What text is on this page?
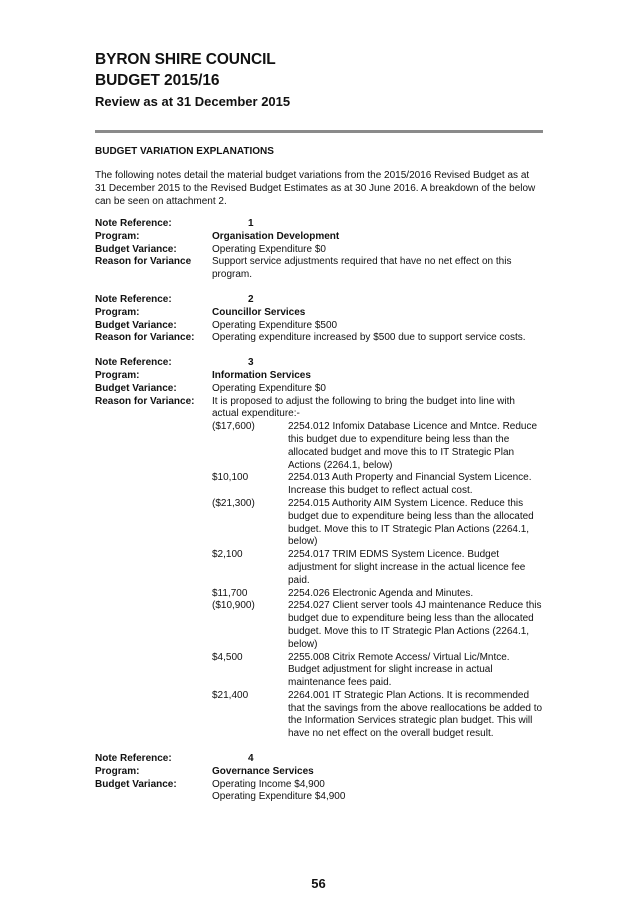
BYRON SHIRE COUNCIL
BUDGET 2015/16
Review as at 31 December 2015
BUDGET VARIATION EXPLANATIONS
The following notes detail the material budget variations from the 2015/2016 Revised Budget as at 31 December 2015 to the Revised Budget Estimates as at 30 June 2016. A breakdown of the below can be seen on attachment 2.
Note Reference:	1
Program:	Organisation Development
Budget Variance:	Operating Expenditure $0
Reason for Variance	Support service adjustments required that have no net effect on this program.
Note Reference:	2
Program:	Councillor Services
Budget Variance:	Operating Expenditure $500
Reason for Variance:	Operating expenditure increased by $500 due to support service costs.
Note Reference:	3
Program:	Information Services
Budget Variance:	Operating Expenditure $0
Reason for Variance:	It is proposed to adjust the following to bring the budget into line with actual expenditure:-
($17,600)	2254.012 Infomix Database Licence and Mntce. Reduce this budget due to expenditure being less than the allocated budget and move this to IT Strategic Plan Actions (2264.1, below)
$10,100	2254.013 Auth Property and Financial System Licence. Increase this budget to reflect actual cost.
($21,300)	2254.015 Authority AIM System Licence. Reduce this budget due to expenditure being less than the allocated budget. Move this to IT Strategic Plan Actions (2264.1, below)
$2,100	2254.017 TRIM EDMS System Licence. Budget adjustment for slight increase in the actual licence fee paid.
$11,700	2254.026 Electronic Agenda and Minutes.
($10,900)	2254.027 Client server tools 4J maintenance Reduce this budget due to expenditure being less than the allocated budget. Move this to IT Strategic Plan Actions (2264.1, below)
$4,500	2255.008 Citrix Remote Access/ Virtual Lic/Mntce. Budget adjustment for slight increase in actual maintenance fees paid.
$21,400	2264.001 IT Strategic Plan Actions. It is recommended that the savings from the above reallocations be added to the Information Services strategic plan budget. This will have no net effect on the overall budget result.
Note Reference:	4
Program:	Governance Services
Budget Variance:	Operating Income $4,900
Operating Expenditure $4,900
56
